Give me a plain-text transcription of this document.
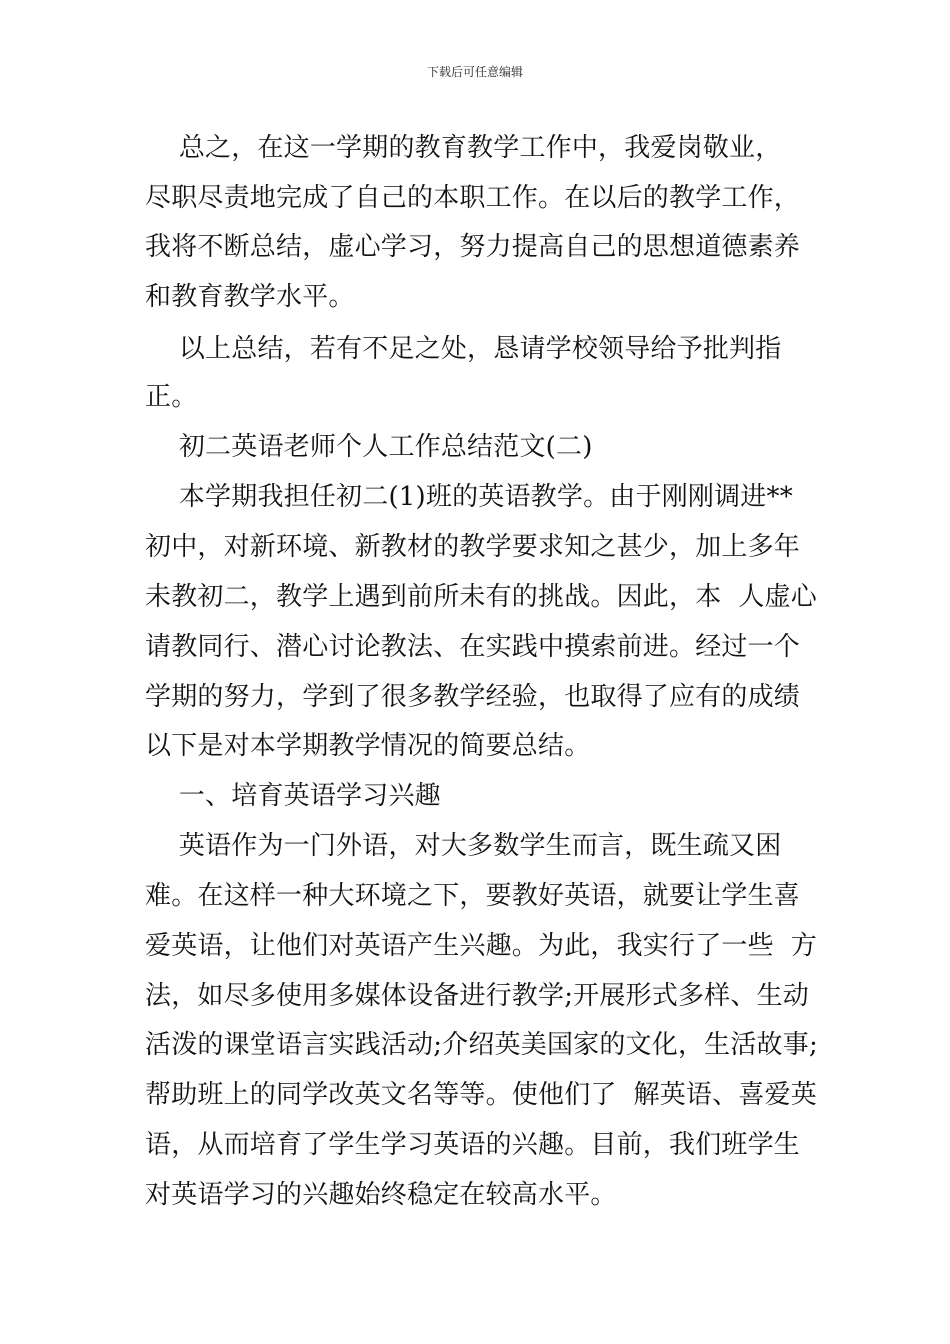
下载后可任意编辑
总之，在这一学期的教育教学工作中，我爱岗敬业，
尽职尽责地完成了自己的本职工作。在以后的教学工作，
我将不断总结，虚心学习，努力提高自己的思想道德素养
和教育教学水平。
以上总结，若有不足之处，恳请学校领导给予批判指
正。
初二英语老师个人工作总结范文(二)
本学期我担任初二(1)班的英语教学。由于刚刚调进**
初中，对新环境、新教材的教学要求知之甚少，加上多年
未教初二，教学上遇到前所未有的挑战。因此，本  人虚心
请教同行、潜心讨论教法、在实践中摸索前进。经过一个
学期的努力，学到了很多教学经验，也取得了应有的成绩
以下是对本学期教学情况的简要总结。
一、培育英语学习兴趣
英语作为一门外语，对大多数学生而言，既生疏又困
难。在这样一种大环境之下，要教好英语，就要让学生喜
爱英语，让他们对英语产生兴趣。为此，我实行了一些  方
法，如尽多使用多媒体设备进行教学;开展形式多样、生动
活泼的课堂语言实践活动;介绍英美国家的文化，生活故事;
帮助班上的同学改英文名等等。使他们了  解英语、喜爱英
语，从而培育了学生学习英语的兴趣。目前，我们班学生
对英语学习的兴趣始终稳定在较高水平。
